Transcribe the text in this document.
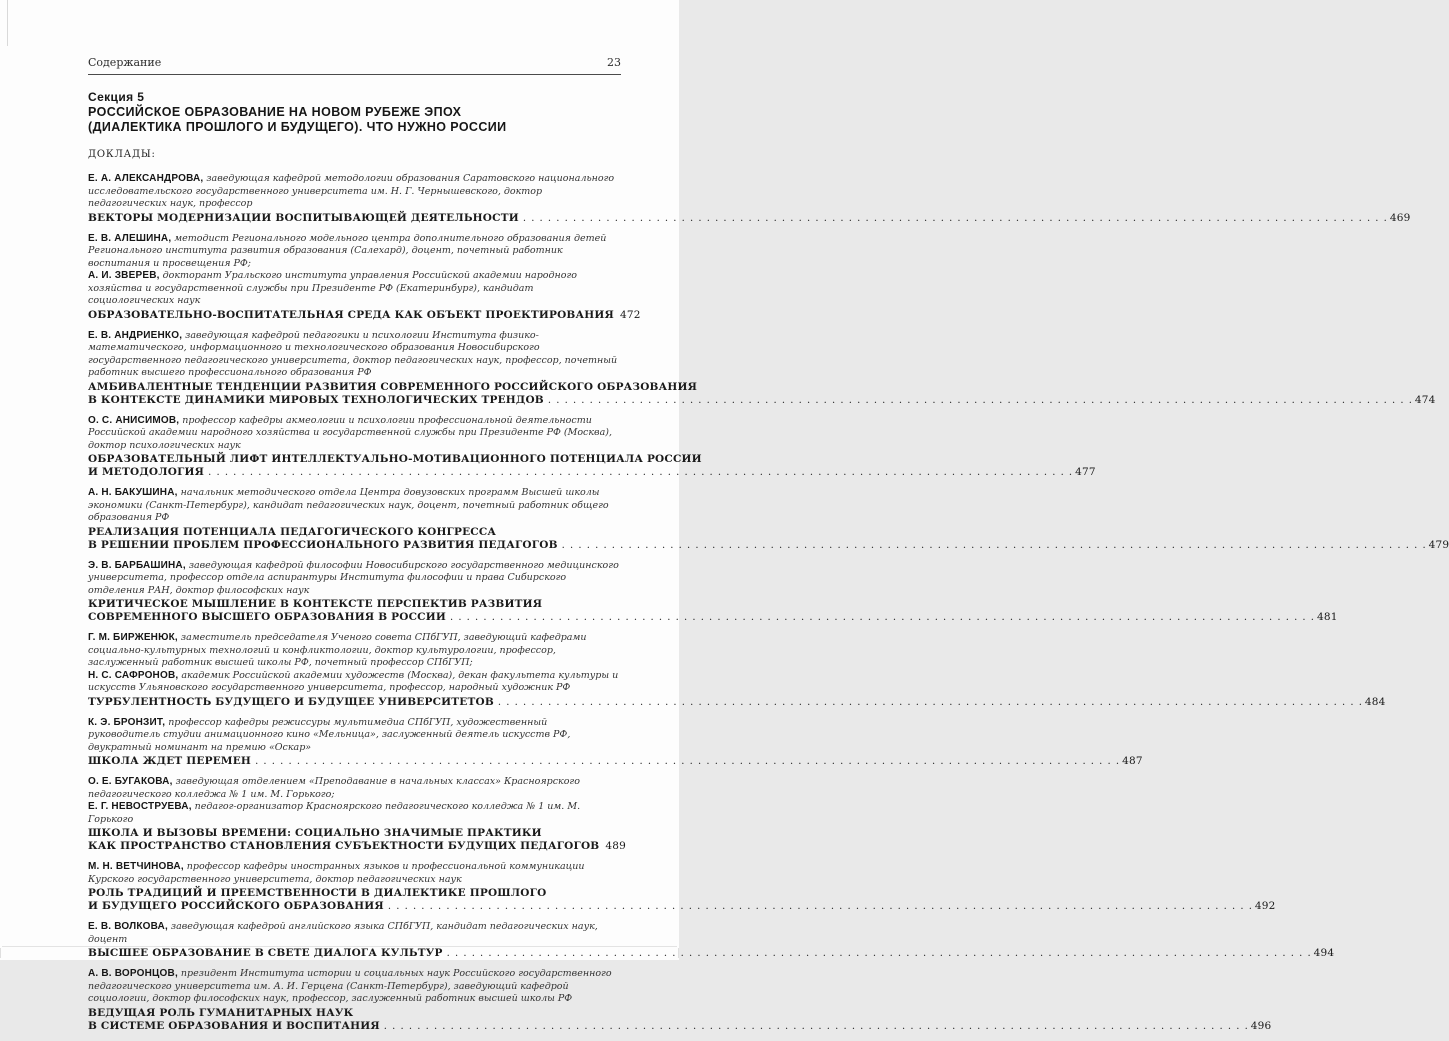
Содержание	23
Секция 5
РОССИЙСКОЕ ОБРАЗОВАНИЕ НА НОВОМ РУБЕЖЕ ЭПОХ
(ДИАЛЕКТИКА ПРОШЛОГО И БУДУЩЕГО). ЧТО НУЖНО РОССИИ
ДОКЛАДЫ:

Е. А. АЛЕКСАНДРОВА, заведующая кафедрой методологии образования Саратовского национального исследовательского государственного университета им. Н. Г. Чернышевского, доктор педагогических наук, профессор

ВЕКТОРЫ МОДЕРНИЗАЦИИ ВОСПИТЫВАЮЩЕЙ ДЕЯТЕЛЬНОСТИ . . .	469

Е. В. АЛЕШИНА, методист Регионального модельного центра дополнительного образования детей Регионального института развития образования (Салехард), доцент, почетный работник воспитания и просвещения РФ;

А. И. ЗВЕРЕВ, докторант Уральского института управления Российской академии народного хозяйства и государственной службы при Президенте РФ (Екатеринбург), кандидат социологических наук

ОБРАЗОВАТЕЛЬНО-ВОСПИТАТЕЛЬНАЯ СРЕДА КАК ОБЪЕКТ ПРОЕКТИРОВАНИЯ 472

Е. В. АНДРИЕНКО, заведующая кафедрой педагогики и психологии Института физико-математического, информационного и технологического образования Новосибирского государственного педагогического университета, доктор педагогических наук, профессор, почетный работник высшего профессионального образования РФ

АМБИВАЛЕНТНЫЕ ТЕНДЕНЦИИ РАЗВИТИЯ СОВРЕМЕННОГО РОССИЙСКОГО ОБРАЗОВАНИЯ
В КОНТЕКСТЕ ДИНАМИКИ МИРОВЫХ ТЕХНОЛОГИЧЕСКИХ ТРЕНДОВ . . .	474

О. С. АНИСИМОВ, профессор кафедры акмеологии и психологии профессиональной деятельности Российской академии народного хозяйства и государственной службы при Президенте РФ (Москва), доктор психологических наук

ОБРАЗОВАТЕЛЬНЫЙ ЛИФТ ИНТЕЛЛЕКТУАЛЬНО-МОТИВАЦИОННОГО ПОТЕНЦИАЛА РОССИИ
И МЕТОДОЛОГИЯ . . .	477

А. Н. БАКУШИНА, начальник методического отдела Центра довузовских программ Высшей школы экономики (Санкт-Петербург), кандидат педагогических наук, доцент, почетный работник общего образования РФ

РЕАЛИЗАЦИЯ ПОТЕНЦИАЛА ПЕДАГОГИЧЕСКОГО КОНГРЕССА
В РЕШЕНИИ ПРОБЛЕМ ПРОФЕССИОНАЛЬНОГО РАЗВИТИЯ ПЕДАГОГОВ . . .	479

Э. В. БАРБАШИНА, заведующая кафедрой философии Новосибирского государственного медицинского университета, профессор отдела аспирантуры Института философии и права Сибирского отделения РАН, доктор философских наук

КРИТИЧЕСКОЕ МЫШЛЕНИЕ В КОНТЕКСТЕ ПЕРСПЕКТИВ РАЗВИТИЯ
СОВРЕМЕННОГО ВЫСШЕГО ОБРАЗОВАНИЯ В РОССИИ . . .	481

Г. М. БИРЖЕНЮК, заместитель председателя Ученого совета СПбГУП, заведующий кафедрами социально-культурных технологий и конфликтологии, доктор культурологии, профессор, заслуженный работник высшей школы РФ, почетный профессор СПбГУП;

Н. С. САФРОНОВ, академик Российской академии художеств (Москва), декан факультета культуры и искусств Ульяновского государственного университета, профессор, народный художник РФ

ТУРБУЛЕНТНОСТЬ БУДУЩЕГО И БУДУЩЕЕ УНИВЕРСИТЕТОВ . . .	484

К. Э. БРОНЗИТ, профессор кафедры режиссуры мультимедиа СПбГУП, художественный руководитель студии анимационного кино «Мельница», заслуженный деятель искусств РФ, двукратный номинант на премию «Оскар»

ШКОЛА ЖДЕТ ПЕРЕМЕН . . .	487

О. Е. БУГАКОВА, заведующая отделением «Преподавание в начальных классах» Красноярского педагогического колледжа № 1 им. М. Горького;

Е. Г. НЕВОСТРУЕВА, педагог-организатор Красноярского педагогического колледжа № 1 им. М. Горького

ШКОЛА И ВЫЗОВЫ ВРЕМЕНИ: СОЦИАЛЬНО ЗНАЧИМЫЕ ПРАКТИКИ
КАК ПРОСТРАНСТВО СТАНОВЛЕНИЯ СУБЪЕКТНОСТИ БУДУЩИХ ПЕДАГОГОВ 489

М. Н. ВЕТЧИНОВА, профессор кафедры иностранных языков и профессиональной коммуникации Курского государственного университета, доктор педагогических наук

РОЛЬ ТРАДИЦИЙ И ПРЕЕМСТВЕННОСТИ В ДИАЛЕКТИКЕ ПРОШЛОГО
И БУДУЩЕГО РОССИЙСКОГО ОБРАЗОВАНИЯ . . .	492

Е. В. ВОЛКОВА, заведующая кафедрой английского языка СПбГУП, кандидат педагогических наук, доцент

ВЫСШЕЕ ОБРАЗОВАНИЕ В СВЕТЕ ДИАЛОГА КУЛЬТУР . . .	494

А. В. ВОРОНЦОВ, президент Института истории и социальных наук Российского государственного педагогического университета им. А. И. Герцена (Санкт-Петербург), заведующий кафедрой социологии, доктор философских наук, профессор, заслуженный работник высшей школы РФ

ВЕДУЩАЯ РОЛЬ ГУМАНИТАРНЫХ НАУК
В СИСТЕМЕ ОБРАЗОВАНИЯ И ВОСПИТАНИЯ . . .	496
